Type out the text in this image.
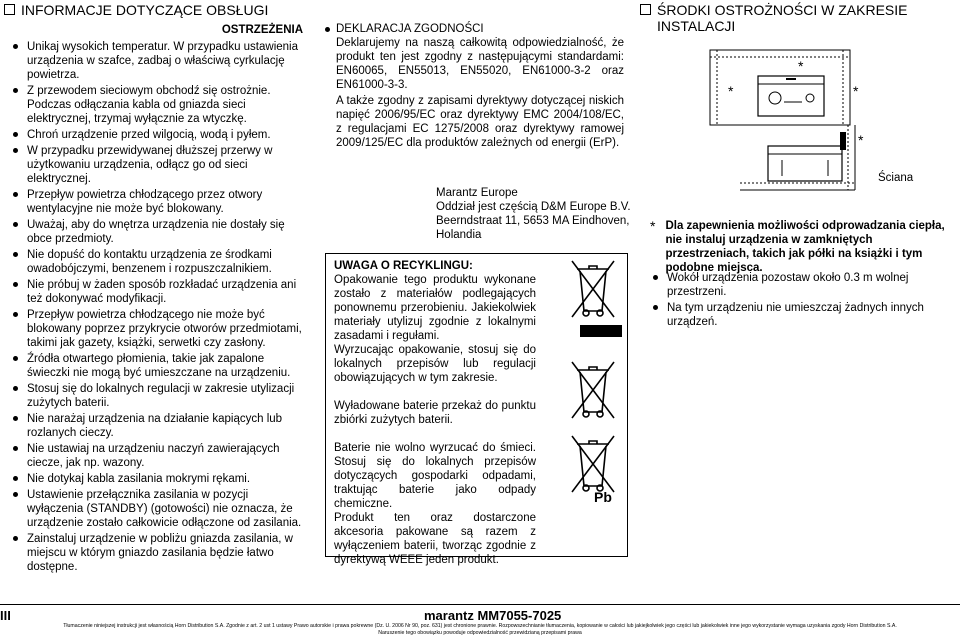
INFORMACJE DOTYCZĄCE OBSŁUGI
OSTRZEŻENIA
Unikaj wysokich temperatur. W przypadku ustawienia urządzenia w szafce, zadbaj o właściwą cyrkulację powietrza.
Z przewodem sieciowym obchodź się ostrożnie. Podczas odłączania kabla od gniazda sieci elektrycznej, trzymaj wyłącznie za wtyczkę.
Chroń urządzenie przed wilgocią, wodą i pyłem.
W przypadku przewidywanej dłuższej przerwy w użytkowaniu urządzenia, odłącz go od sieci elektrycznej.
Przepływ powietrza chłodzącego przez otwory wentylacyjne nie może być blokowany.
Uważaj, aby do wnętrza urządzenia nie dostały się obce przedmioty.
Nie dopuść do kontaktu urządzenia ze środkami owadobójczymi, benzenem i rozpuszczalnikiem.
Nie próbuj w żaden sposób rozkładać urządzenia ani też dokonywać modyfikacji.
Przepływ powietrza chłodzącego nie może być blokowany poprzez przykrycie otworów przedmiotami, takimi jak gazety, książki, serwetki czy zasłony.
Źródła otwartego płomienia, takie jak zapalone świeczki nie mogą być umieszczane na urządzeniu.
Stosuj się do lokalnych regulacji w zakresie utylizacji zużytych baterii.
Nie narażaj urządzenia na działanie kapiących lub rozlanych cieczy.
Nie ustawiaj na urządzeniu naczyń zawierających ciecze, jak np. wazony.
Nie dotykaj kabla zasilania mokrymi rękami.
Ustawienie przełącznika zasilania w pozycji wyłączenia (STANDBY) (gotowości) nie oznacza, że urządzenie zostało całkowicie odłączone od zasilania.
Zainstaluj urządzenie w pobliżu gniazda zasilania, w miejscu w którym gniazdo zasilania będzie łatwo dostępne.
DEKLARACJA ZGODNOŚCI

Deklarujemy na naszą całkowitą odpowiedzialność, że produkt ten jest zgodny z następującymi standardami: EN60065, EN55013, EN55020, EN61000-3-2 oraz EN61000-3-3.

A także zgodny z zapisami dyrektywy dotyczącej niskich napięć 2006/95/EC oraz dyrektywy EMC 2004/108/EC, z regulacjami EC 1275/2008 oraz dyrektywy ramowej 2009/125/EC dla produktów zależnych od energii (ErP).

Marantz Europe
Oddział jest częścią D&M Europe B.V.
Beerndstraat 11, 5653 MA Eindhoven,
Holandia

UWAGA O RECYKLINGU:

Opakowanie tego produktu wykonane zostało z materiałów podlegających ponownemu przerobieniu. Jakiekolwiek materiały utylizuj zgodnie z lokalnymi zasadami i regułami.

Wyrzucając opakowanie, stosuj się do lokalnych przepisów lub regulacji obowiązujących w tym zakresie.

Wyładowane baterie przekaż do punktu zbiórki zużytych baterii.

Baterie nie wolno wyrzucać do śmieci. Stosuj się do lokalnych przepisów dotyczących gospodarki odpadami, traktując baterie jako odpady chemiczne.

Produkt ten oraz dostarczone akcesoria pakowane są razem z wyłączeniem baterii, tworząc zgodnie z dyrektywą WEEE jeden produkt.

Pb
ŚRODKI OSTROŻNOŚCI W ZAKRESIE
INSTALACJI
*
*	*
*
Ściana
* Dla zapewnienia możliwości odprowadzania ciepła, nie instaluj urządzenia w zamkniętych przestrzeniach, takich jak półki na książki i tym podobne miejsca.
Wokół urządzenia pozostaw około 0.3 m wolnej przestrzeni.
Na tym urządzeniu nie umieszczaj żadnych innych urządzeń.
III	marantz MM7055-7025
Tłumaczenie niniejszej instrukcji jest własnością Horn Distribution S.A. Zgodnie z art. 2 ust 1 ustawy Prawo autorskie i prawa pokrewne (Dz. U. 2006 Nr 90, poz. 631) jest chronione prawnie. Rozpowszechnianie tłumaczenia, kopiowanie w całości lub jakiejkolwiek jego części lub jakiekolwiek inne jego wykorzystanie wymaga uzyskania zgody Horn Distribution S.A.
Naruszenie tego obowiązku powoduje odpowiedzialność przewidzianą przepisami prawa
